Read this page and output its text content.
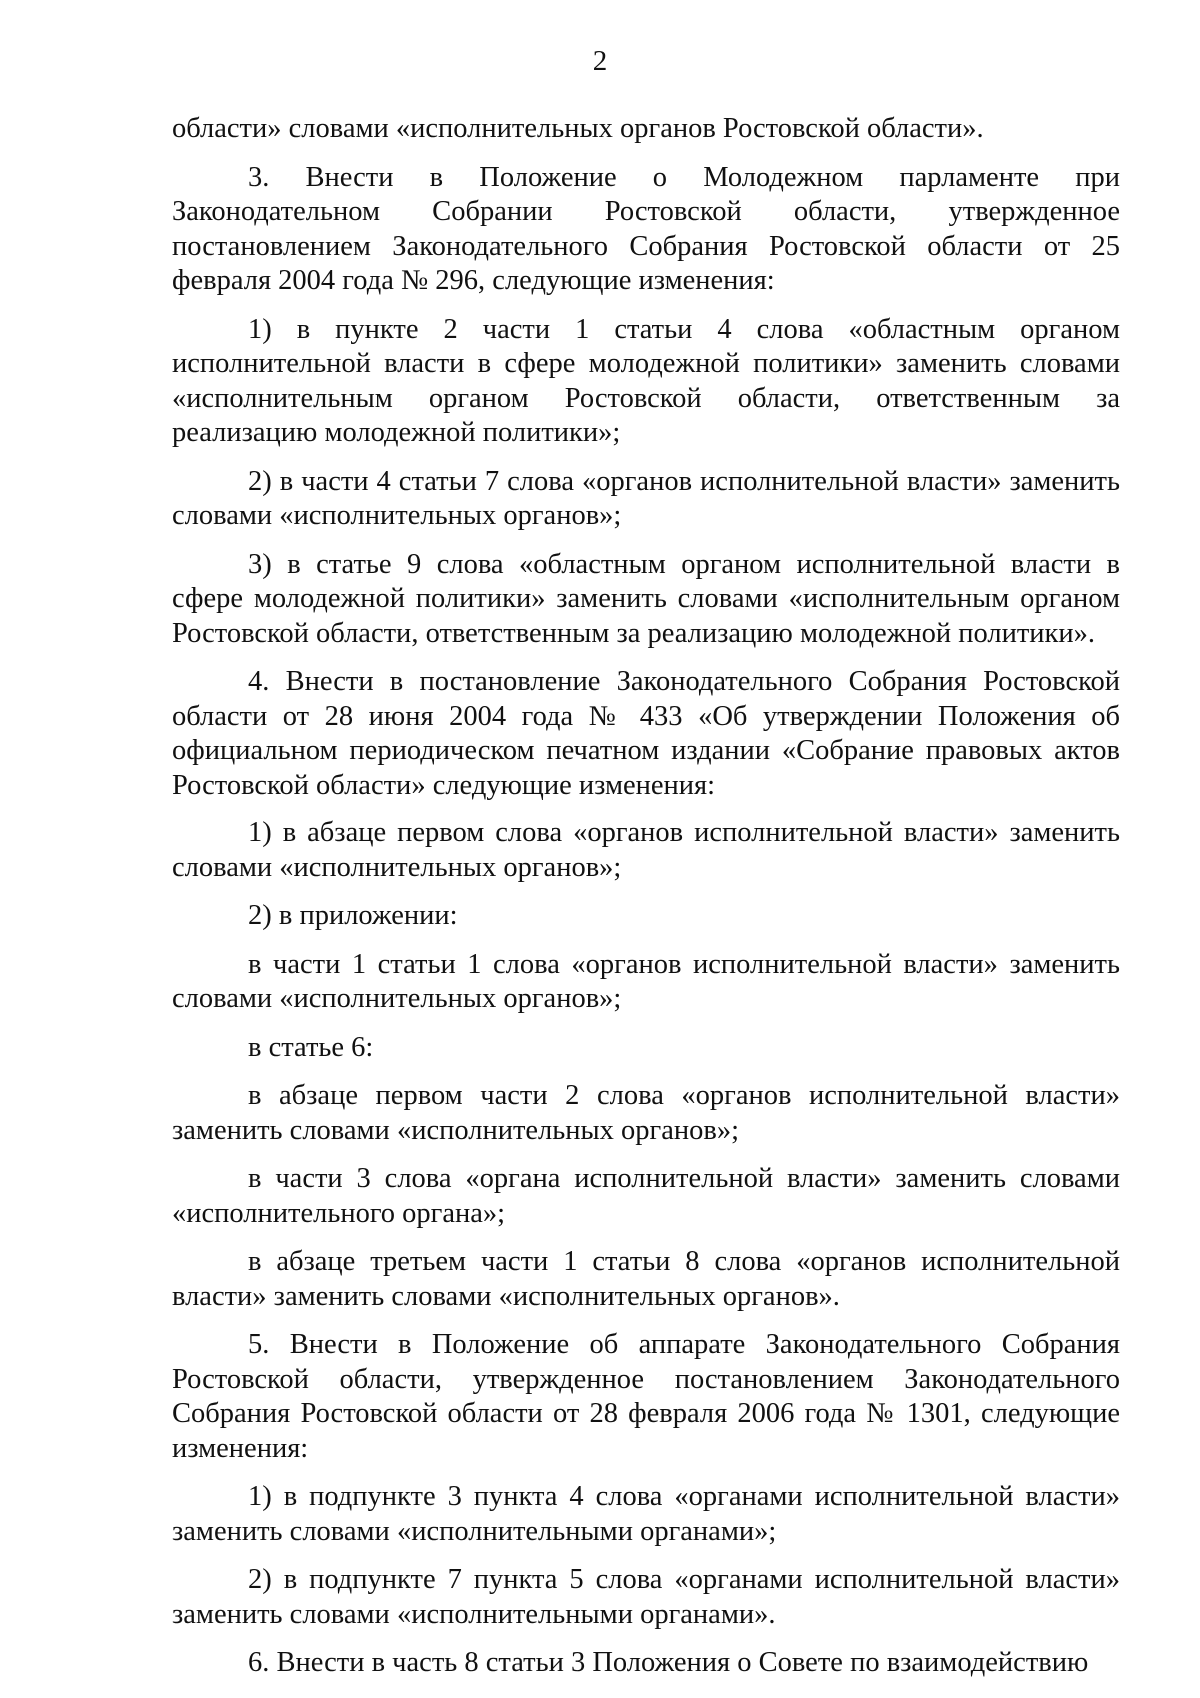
2

области» словами «исполнительных органов Ростовской области».

3. Внести в Положение о Молодежном парламенте при Законодательном Собрании Ростовской области, утвержденное постановлением Законодательного Собрания Ростовской области от 25 февраля 2004 года № 296, следующие изменения:

1) в пункте 2 части 1 статьи 4 слова «областным органом исполнительной власти в сфере молодежной политики» заменить словами «исполнительным органом Ростовской области, ответственным за реализацию молодежной политики»;

2) в части 4 статьи 7 слова «органов исполнительной власти» заменить словами «исполнительных органов»;

3) в статье 9 слова «областным органом исполнительной власти в сфере молодежной политики» заменить словами «исполнительным органом Ростовской области, ответственным за реализацию молодежной политики».

4. Внести в постановление Законодательного Собрания Ростовской области от 28 июня 2004 года № 433 «Об утверждении Положения об официальном периодическом печатном издании «Собрание правовых актов Ростовской области» следующие изменения:

1) в абзаце первом слова «органов исполнительной власти» заменить словами «исполнительных органов»;

2) в приложении:

в части 1 статьи 1 слова «органов исполнительной власти» заменить словами «исполнительных органов»;

в статье 6:

в абзаце первом части 2 слова «органов исполнительной власти» заменить словами «исполнительных органов»;

в части 3 слова «органа исполнительной власти» заменить словами «исполнительного органа»;

в абзаце третьем части 1 статьи 8 слова «органов исполнительной власти» заменить словами «исполнительных органов».

5. Внести в Положение об аппарате Законодательного Собрания Ростовской области, утвержденное постановлением Законодательного Собрания Ростовской области от 28 февраля 2006 года № 1301, следующие изменения:

1) в подпункте 3 пункта 4 слова «органами исполнительной власти» заменить словами «исполнительными органами»;

2) в подпункте 7 пункта 5 слова «органами исполнительной власти» заменить словами «исполнительными органами».

6. Внести в часть 8 статьи 3 Положения о Совете по взаимодействию
